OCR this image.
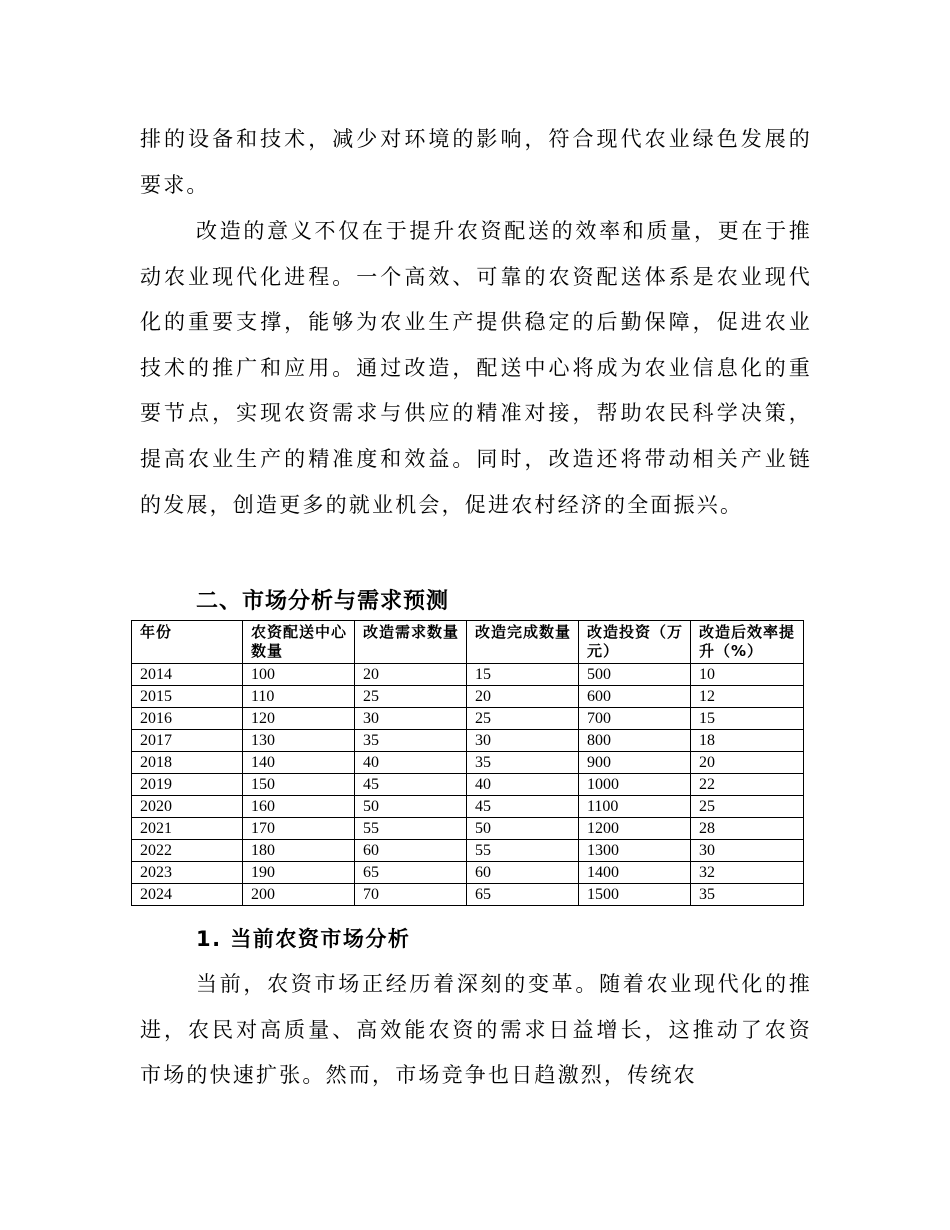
排的设备和技术，减少对环境的影响，符合现代农业绿色发展的要求。

改造的意义不仅在于提升农资配送的效率和质量，更在于推动农业现代化进程。一个高效、可靠的农资配送体系是农业现代化的重要支撑，能够为农业生产提供稳定的后勤保障，促进农业技术的推广和应用。通过改造，配送中心将成为农业信息化的重要节点，实现农资需求与供应的精准对接，帮助农民科学决策，提高农业生产的精准度和效益。同时，改造还将带动相关产业链的发展，创造更多的就业机会，促进农村经济的全面振兴。

二、市场分析与需求预测
年份	农资配送中心数量	改造需求数量	改造完成数量	改造投资（万元）	改造后效率提升（%）
2014	100	20	15	500	10
2015	110	25	20	600	12
2016	120	30	25	700	15
2017	130	35	30	800	18
2018	140	40	35	900	20
2019	150	45	40	1000	22
2020	160	50	45	1100	25
2021	170	55	50	1200	28
2022	180	60	55	1300	30
2023	190	65	60	1400	32
2024	200	70	65	1500	35
1. 当前农资市场分析

当前，农资市场正经历着深刻的变革。随着农业现代化的推进，农民对高质量、高效能农资的需求日益增长，这推动了农资市场的快速扩张。然而，市场竞争也日趋激烈，传统农
